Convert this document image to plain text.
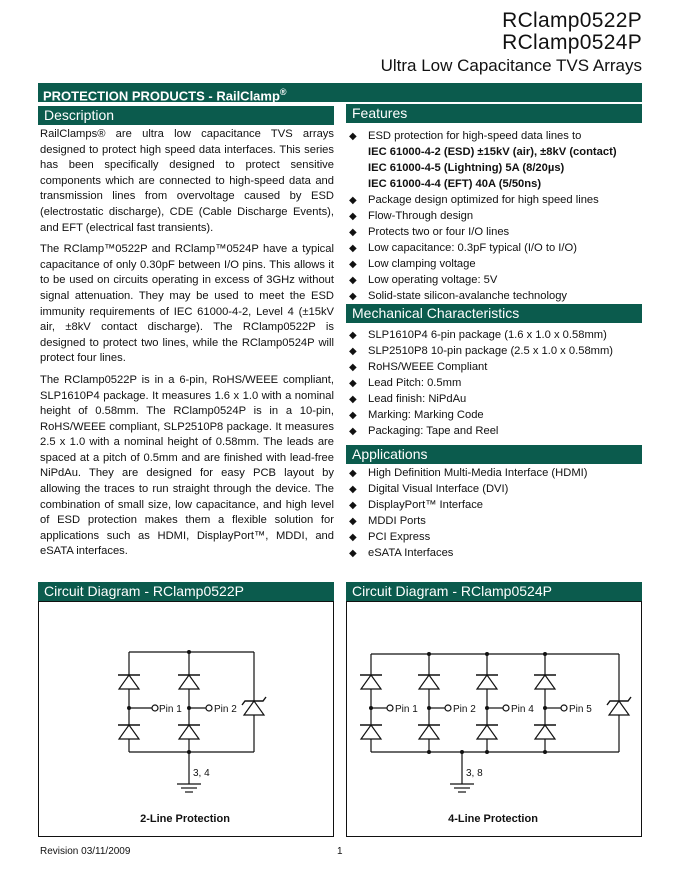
RClamp0522P
RClamp0524P
Ultra Low Capacitance TVS Arrays
PROTECTION PRODUCTS - RailClamp®
Description

RailClamps® are ultra low capacitance TVS arrays designed to protect high speed data interfaces. This series has been specifically designed to protect sensitive components which are connected to high-speed data and transmission lines from overvoltage caused by ESD (electrostatic discharge), CDE (Cable Discharge Events), and EFT (electrical fast transients).

The RClamp™0522P and RClamp™0524P have a typical capacitance of only 0.30pF between I/O pins. This allows it to be used on circuits operating in excess of 3GHz without signal attenuation. They may be used to meet the ESD immunity requirements of IEC 61000-4-2, Level 4 (±15kV air, ±8kV contact discharge). The RClamp0522P is designed to protect two lines, while the RClamp0524P will protect four lines.

The RClamp0522P is in a 6-pin, RoHS/WEEE compliant, SLP1610P4 package. It measures 1.6 x 1.0 with a nominal height of 0.58mm. The RClamp0524P is in a 10-pin, RoHS/WEEE compliant, SLP2510P8 package. It measures 2.5 x 1.0 with a nominal height of 0.58mm. The leads are spaced at a pitch of 0.5mm and are finished with lead-free NiPdAu. They are designed for easy PCB layout by allowing the traces to run straight through the device. The combination of small size, low capacitance, and high level of ESD protection makes them a flexible solution for applications such as HDMI, DisplayPort™, MDDI, and eSATA interfaces.

Features
◆ ESD protection for high-speed data lines to
IEC 61000-4-2 (ESD) ±15kV (air), ±8kV (contact)
IEC 61000-4-5 (Lightning) 5A (8/20µs)
IEC 61000-4-4 (EFT) 40A (5/50ns)
◆ Package design optimized for high speed lines
◆ Flow-Through design
◆ Protects two or four I/O lines
◆ Low capacitance: 0.3pF typical (I/O to I/O)
◆ Low clamping voltage
◆ Low operating voltage: 5V
◆ Solid-state silicon-avalanche technology
Mechanical Characteristics
◆ SLP1610P4 6-pin package (1.6 x 1.0 x 0.58mm)
◆ SLP2510P8 10-pin package (2.5 x 1.0 x 0.58mm)
◆ RoHS/WEEE Compliant
◆ Lead Pitch: 0.5mm
◆ Lead finish: NiPdAu
◆ Marking: Marking Code
◆ Packaging: Tape and Reel
Applications
◆ High Definition Multi-Media Interface (HDMI)
◆ Digital Visual Interface (DVI)
◆ DisplayPort™ Interface
◆ MDDI Ports
◆ PCI Express
◆ eSATA Interfaces
Circuit Diagram - RClamp0522P	Circuit Diagram - RClamp0524P
Pin 1	Pin 2
3, 4
2-Line Protection
Pin 1	Pin 2	Pin 4	Pin 5
3, 8
4-Line Protection
Revision 03/11/2009	1
